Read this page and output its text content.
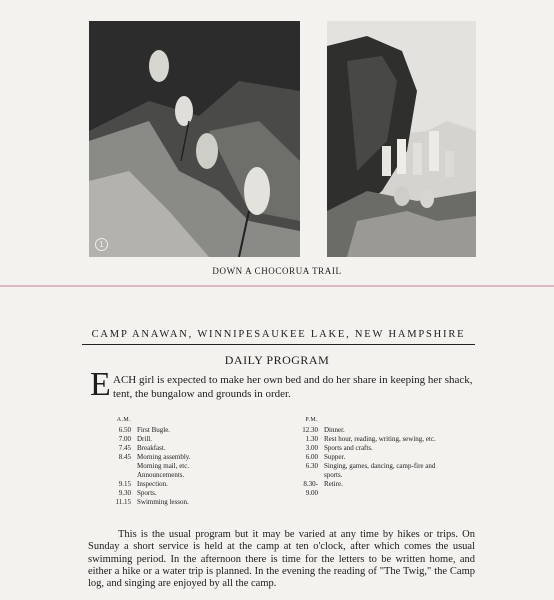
1
DOWN A CHOCORUA TRAIL
CAMP ANAWAN, WINNIPESAUKEE LAKE, NEW HAMPSHIRE
DAILY PROGRAM
E ACH girl is expected to make her own bed and do her share in keeping her shack, tent, the bungalow and grounds in order.
A.M.
6.50 First Bugle.
7.00 Drill.
7.45 Breakfast.
8.45 Morning assembly.
Morning mail, etc.
Announcements.
9.15 Inspection.
9.30 Sports.
11.15 Swimming lesson.
P.M.
12.30 Dinner.
1.30 Rest hour, reading, writing, sewing, etc.
3.00 Sports and crafts.
6.00 Supper.
6.30 Singing, games, dancing, camp-fire and
sports.
8.30-9.00
Retire.
This is the usual program but it may be varied at any time by hikes or trips. On Sunday a short service is held at the camp at ten o'clock, after which comes the usual swimming period. In the afternoon there is time for the letters to be written home, and either a hike or a water trip is planned. In the evening the reading of "The Twig," the Camp log, and singing are enjoyed by all the camp.
